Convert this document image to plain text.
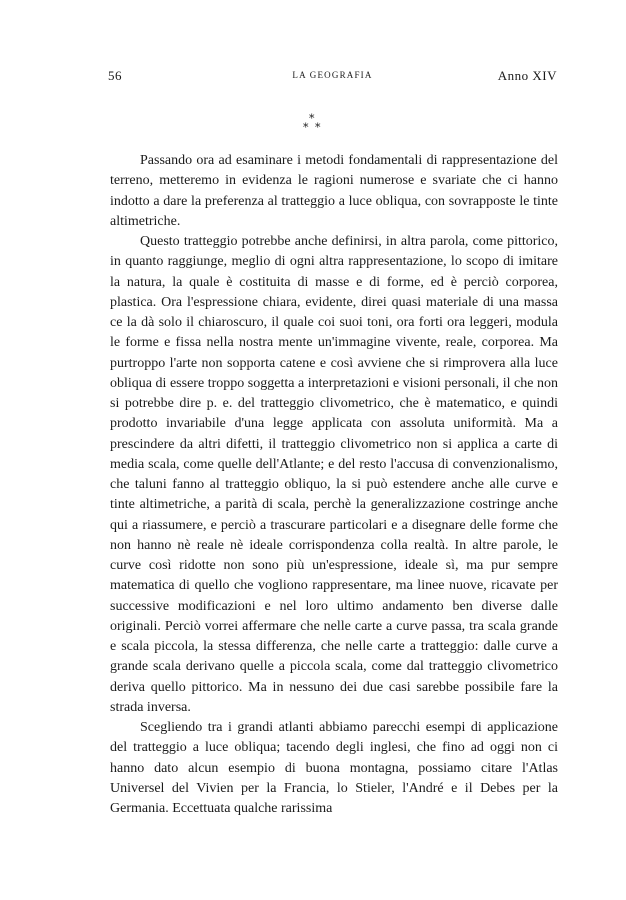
56	LA GEOGRAFIA	Anno XIV
*
* *

Passando ora ad esaminare i metodi fondamentali di rappresentazione del terreno, metteremo in evidenza le ragioni numerose e svariate che ci hanno indotto a dare la preferenza al tratteggio a luce obliqua, con sovrapposte le tinte altimetriche.

Questo tratteggio potrebbe anche definirsi, in altra parola, come pittorico, in quanto raggiunge, meglio di ogni altra rappresentazione, lo scopo di imitare la natura, la quale è costituita di masse e di forme, ed è perciò corporea, plastica. Ora l'espressione chiara, evidente, direi quasi materiale di una massa ce la dà solo il chiaroscuro, il quale coi suoi toni, ora forti ora leggeri, modula le forme e fissa nella nostra mente un'immagine vivente, reale, corporea. Ma purtroppo l'arte non sopporta catene e così avviene che si rimprovera alla luce obliqua di essere troppo soggetta a interpretazioni e visioni personali, il che non si potrebbe dire p. e. del tratteggio clivometrico, che è matematico, e quindi prodotto invariabile d'una legge applicata con assoluta uniformità. Ma a prescindere da altri difetti, il tratteggio clivometrico non si applica a carte di media scala, come quelle dell'Atlante; e del resto l'accusa di convenzionalismo, che taluni fanno al tratteggio obliquo, la si può estendere anche alle curve e tinte altimetriche, a parità di scala, perchè la generalizzazione costringe anche qui a riassumere, e perciò a trascurare particolari e a disegnare delle forme che non hanno nè reale nè ideale corrispondenza colla realtà. In altre parole, le curve così ridotte non sono più un'espressione, ideale sì, ma pur sempre matematica di quello che vogliono rappresentare, ma linee nuove, ricavate per successive modificazioni e nel loro ultimo andamento ben diverse dalle originali. Perciò vorrei affermare che nelle carte a curve passa, tra scala grande e scala piccola, la stessa differenza, che nelle carte a tratteggio: dalle curve a grande scala derivano quelle a piccola scala, come dal tratteggio clivometrico deriva quello pittorico. Ma in nessuno dei due casi sarebbe possibile fare la strada inversa.

Scegliendo tra i grandi atlanti abbiamo parecchi esempi di applicazione del tratteggio a luce obliqua; tacendo degli inglesi, che fino ad oggi non ci hanno dato alcun esempio di buona montagna, possiamo citare l'Atlas Universel del Vivien per la Francia, lo Stieler, l'André e il Debes per la Germania. Eccettuata qualche rarissima
